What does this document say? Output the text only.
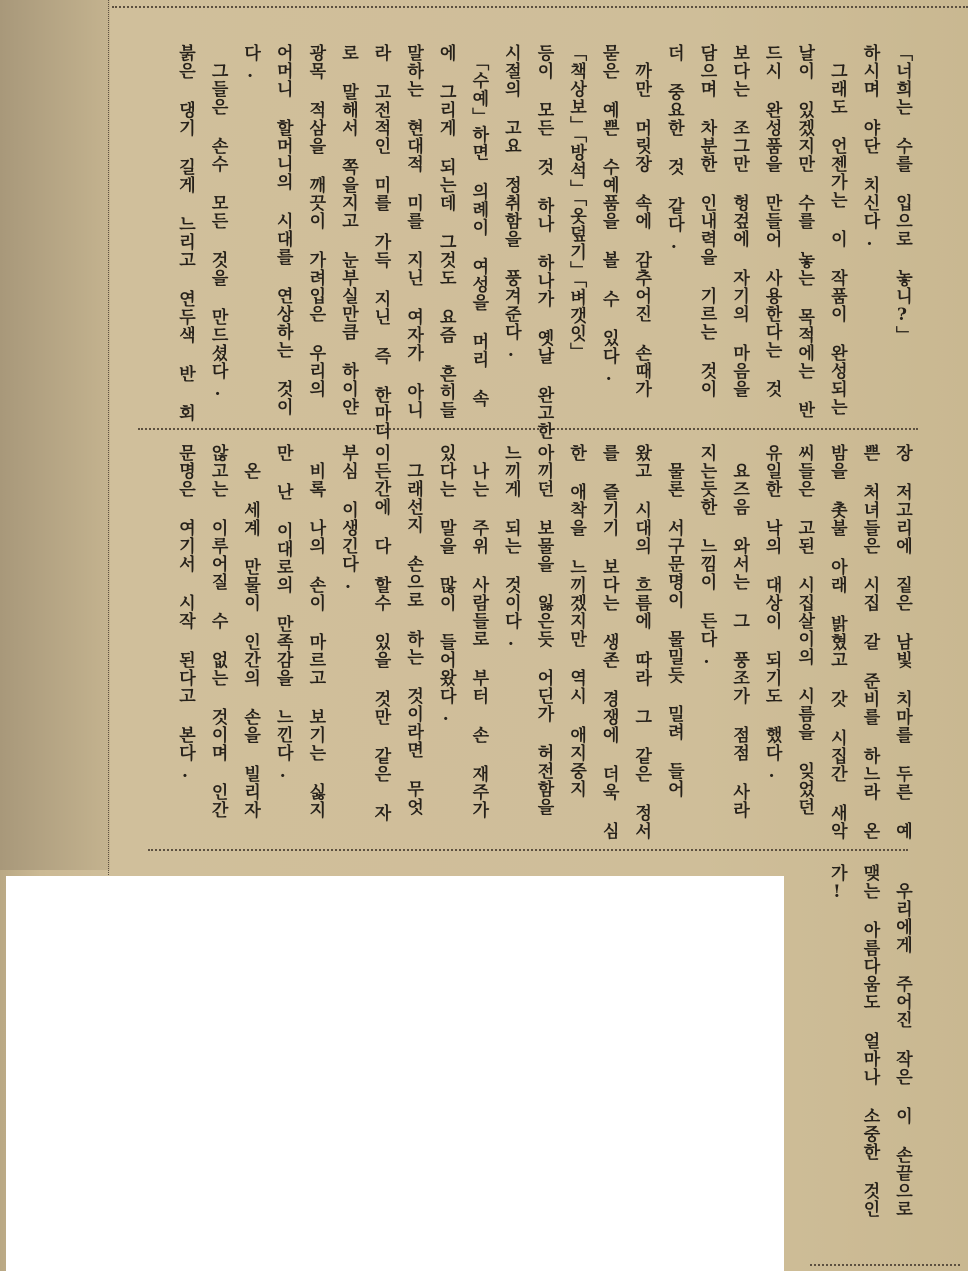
「너희는 수를 입으로 놓니?」

하시며 야단 치신다.

　그래도 언젠가는 이 작품이 완성되는

날이 있겠지만 수를 놓는 목적에는 반

드시 완성품을 만들어 사용한다는 것

보다는 조그만 헝겊에 자기의 마음을

담으며 차분한 인내력을 기르는 것이

더 중요한 것 같다.

　까만 머릿장 속에 감추어진 손때가

묻은 예쁜 수예품을 볼 수 있다.

「책상보」「방석」「옷덮기」「벼갯잇」

등이 모든 것 하나 하나가 옛날 완고한

시절의 고요 정취함을 풍겨준다.

　「수예」하면 의례이 여성을 머리 속

에 그리게 되는데 그것도 요즘 흔히들

말하는 현대적 미를 지닌 여자가 아니

라 고전적인 미를 가득 지닌 즉 한마디

로 말해서 쪽을지고 눈부실만큼 하이얀

광목 적삼을 깨끗이 가려입은 우리의

어머니 할머니의 시대를 연상하는 것이

다.

　그들은 손수 모든 것을 만드셨다.

붉은 댕기 길게 느리고 연두색 반 회

장 저고리에 짙은 남빛 치마를 두른 예

쁜 처녀들은 시집 갈 준비를 하느라 온

밤을 촛불 아래 밝혔고 갓 시집간 새악

씨들은 고된 시집살이의 시름을 잊었던

유일한 낙의 대상이 되기도 했다.

　요즈음 와서는 그 풍조가 점점 사라

지는듯한 느낌이 든다.

　물론 서구문명이 물밀듯 밀려 들어

왔고 시대의 흐름에 따라 그 같은 정서

를 즐기기 보다는 생존 경쟁에 더욱 심

한 애착을 느끼겠지만 역시 애지중지

아끼던 보물을 잃은듯 어딘가 허전함을

느끼게 되는 것이다.

　나는 주위 사람들로 부터 손 재주가

있다는 말을 많이 들어왔다.

　그래선지 손으로 하는 것이라면 무엇

이든간에 다 할수 있을 것만 같은 자

부심 이생긴다.

　비록 나의 손이 마르고 보기는 싫지

만 난 이대로의 만족감을 느낀다.

　온 세계 만물이 인간의 손을 빌리자

않고는 이루어질 수 없는 것이며 인간

문명은 여기서 시작 된다고 본다.

　우리에게 주어진 작은 이 손끝으로

맺는 아름다움도 얼마나 소중한 것인

가!
